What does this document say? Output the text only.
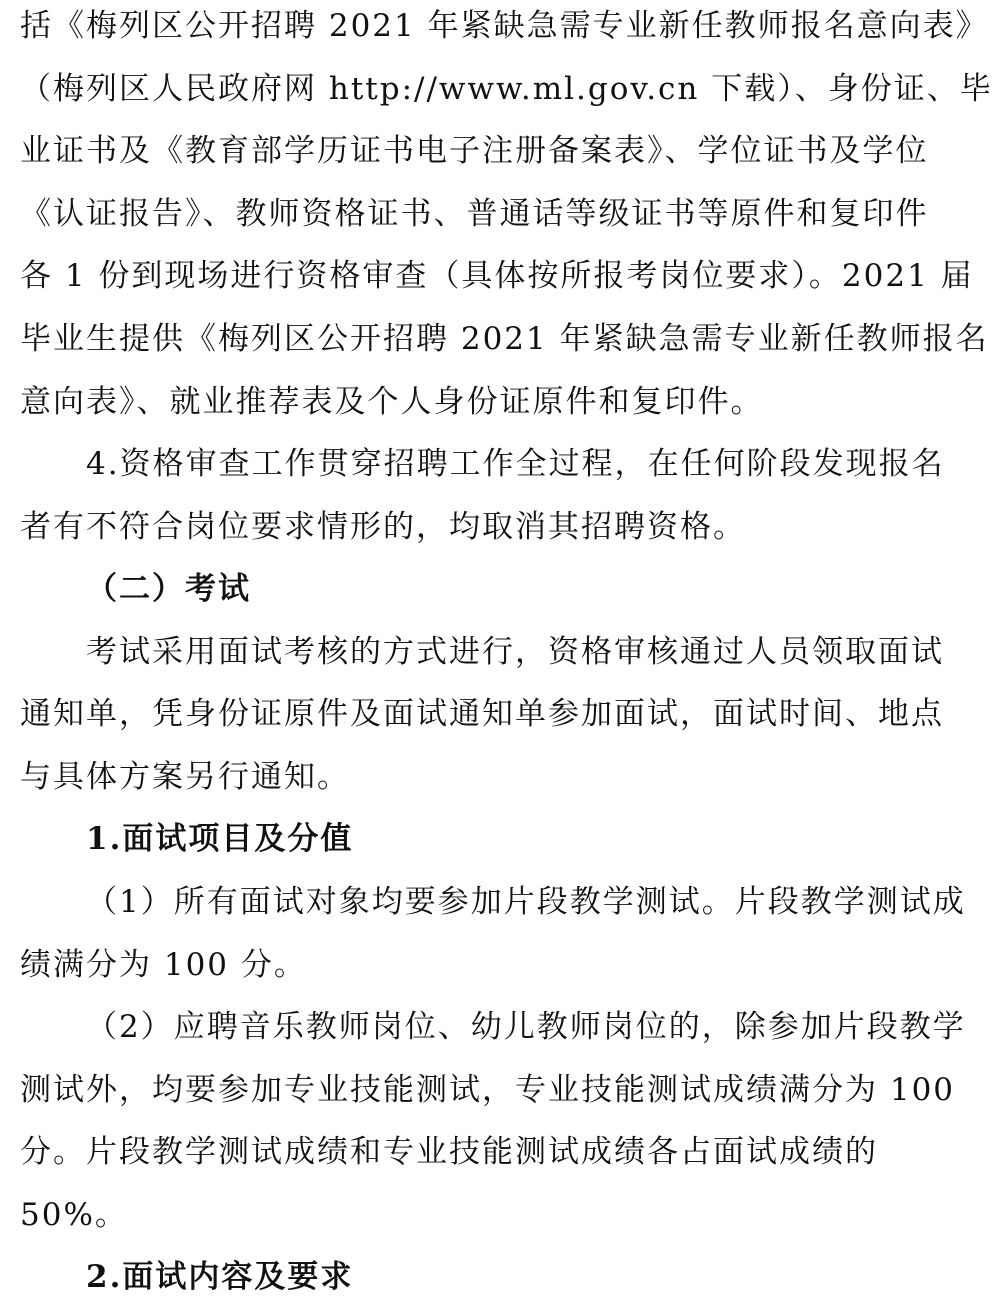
括《梅列区公开招聘 2021 年紧缺急需专业新任教师报名意向表》
（梅列区人民政府网 http://www.ml.gov.cn 下载）、身份证、毕
业证书及《教育部学历证书电子注册备案表》、学位证书及学位
《认证报告》、教师资格证书、普通话等级证书等原件和复印件
各 1 份到现场进行资格审查（具体按所报考岗位要求）。2021 届
毕业生提供《梅列区公开招聘 2021 年紧缺急需专业新任教师报名
意向表》、就业推荐表及个人身份证原件和复印件。
4.资格审查工作贯穿招聘工作全过程，在任何阶段发现报名
者有不符合岗位要求情形的，均取消其招聘资格。
（二）考试
考试采用面试考核的方式进行，资格审核通过人员领取面试
通知单，凭身份证原件及面试通知单参加面试，面试时间、地点
与具体方案另行通知。
1.面试项目及分值
（1）所有面试对象均要参加片段教学测试。片段教学测试成
绩满分为 100 分。
（2）应聘音乐教师岗位、幼儿教师岗位的，除参加片段教学
测试外，均要参加专业技能测试，专业技能测试成绩满分为 100
分。片段教学测试成绩和专业技能测试成绩各占面试成绩的
50%。
2.面试内容及要求
